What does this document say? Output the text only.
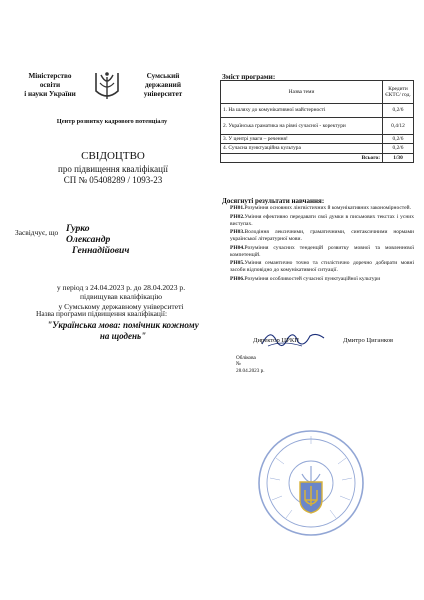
Міністерство
освіти
і науки України
Сумський
державний
університет
Центр розвитку кадрового потенціалу
СВІДОЦТВО
про підвищення кваліфікації
СП № 05408289 / 1093-23
Засвідчує, що Гурко
Олександр
Геннадійович
у період з 24.04.2023 р. до 28.04.2023 р.
підвищував кваліфікацію
у Сумському державному університеті
Назва програми підвищення кваліфікації:
"Українська мова: помічник кожному
на щодень"
Зміст програми:
Назва теми	Кредити ЄКТС/ год.
1. На шляху до комунікативної майстерності	0,2/6
2. Українська граматика на рівні сучасної - коректури	0,4/12
3. У центрі уваги – речення!	0,2/6
4. Сучасна пунктуаційна культура	0,2/6
Всього:	1/30
Досягнуті результати навчання:

РН01.Розуміння основних лінгвістичних й комунікативних закономірностей.

РН02.Уміння ефективно передавати свої думки в письмових текстах і усних виступах.

РН03.Володіння лексичними, граматичними, синтаксичними нормами української літературної мови.

РН04.Розуміння сучасних тенденцій розвитку мовної та мовленнєвої компетенцій.

РН05.Уміння семантично точно та стилістично доречно добирати мовні засоби відповідно до комунікативної ситуації.

РН06.Розуміння особливостей сучасної пунктуаційної культури

Директор ЦРКП	Дмитро Циганков
Облікова
№
28.04.2023 р.
